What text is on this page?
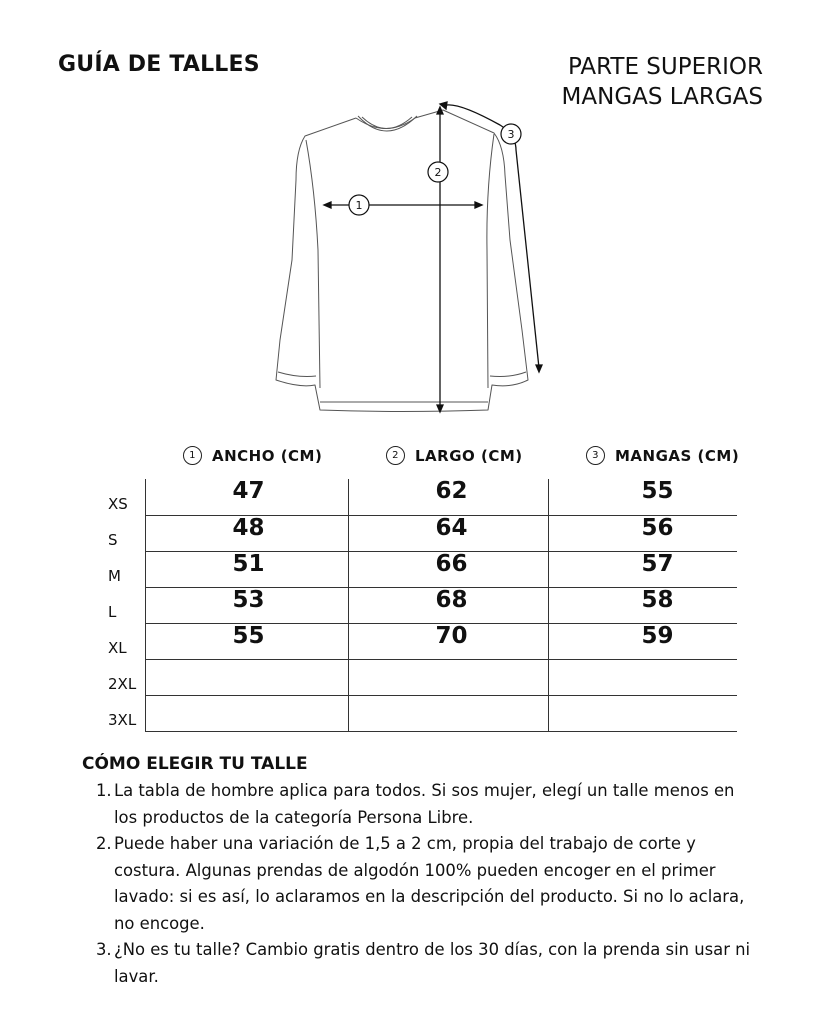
GUÍA DE TALLES	PARTE SUPERIOR
MANGAS LARGAS
1
2
3
1	ANCHO (CM)	2	LARGO (CM)	3	MANGAS (CM)
XS	47	62	55
S	48	64	56
M	51	66	57
L	53	68	58
XL	55	70	59
2XL			
3XL			
CÓMO ELEGIR TU TALLE
1. La tabla de hombre aplica para todos. Si sos mujer, elegí un talle menos en los productos de la categoría Persona Libre.
2. Puede haber una variación de 1,5 a 2 cm, propia del trabajo de corte y costura. Algunas prendas de algodón 100% pueden encoger en el primer lavado: si es así, lo aclaramos en la descripción del producto. Si no lo aclara, no encoge.
3. ¿No es tu talle? Cambio gratis dentro de los 30 días, con la prenda sin usar ni lavar.
